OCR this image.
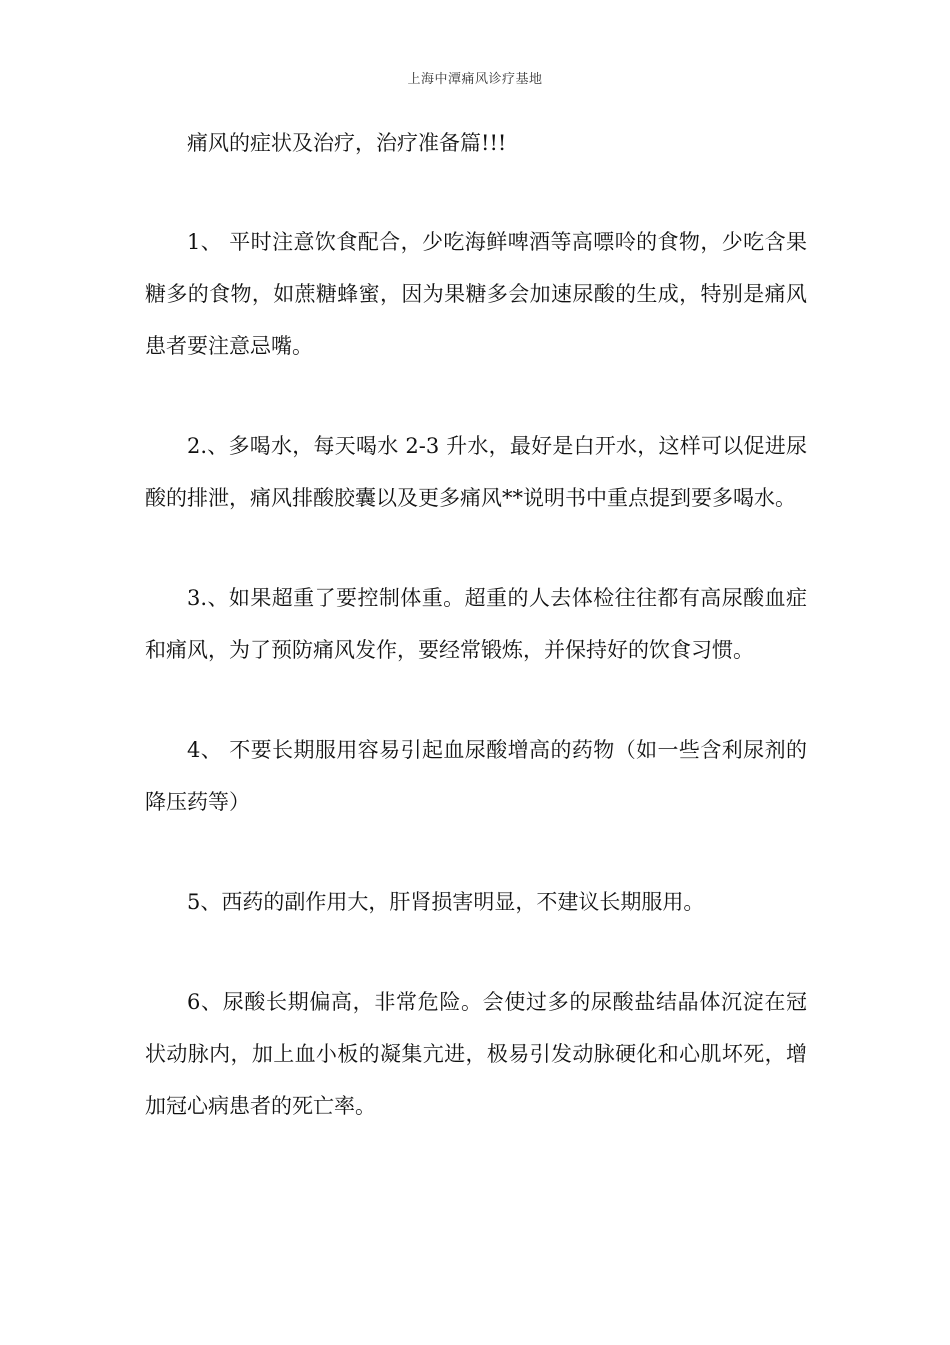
上海中潭痛风诊疗基地
痛风的症状及治疗，治疗准备篇!!!

1、 平时注意饮食配合，少吃海鲜啤酒等高嘌呤的食物，少吃含果糖多的食物，如蔗糖蜂蜜，因为果糖多会加速尿酸的生成，特别是痛风患者要注意忌嘴。

2.、多喝水，每天喝水 2-3 升水，最好是白开水，这样可以促进尿酸的排泄，痛风排酸胶囊以及更多痛风**说明书中重点提到要多喝水。

3.、如果超重了要控制体重。超重的人去体检往往都有高尿酸血症和痛风，为了预防痛风发作，要经常锻炼，并保持好的饮食习惯。

4、 不要长期服用容易引起血尿酸增高的药物（如一些含利尿剂的降压药等）

5、西药的副作用大，肝肾损害明显，不建议长期服用。

6、尿酸长期偏高，非常危险。会使过多的尿酸盐结晶体沉淀在冠状动脉内，加上血小板的凝集亢进，极易引发动脉硬化和心肌坏死，增加冠心病患者的死亡率。
